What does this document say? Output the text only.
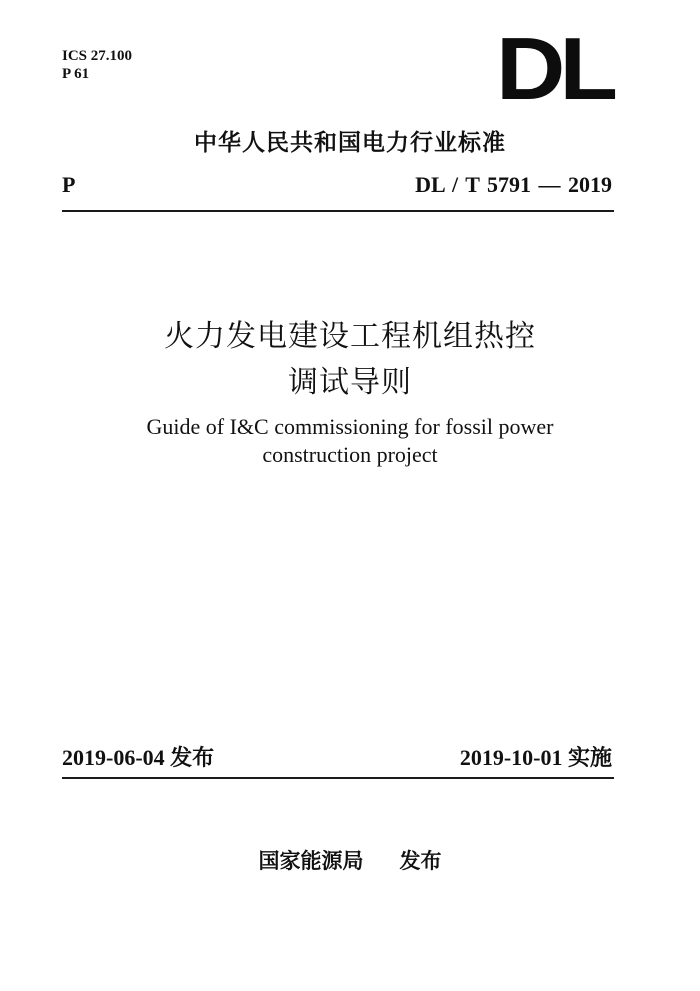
ICS 27.100
P 61	DL
中华人民共和国电力行业标准
P	DL / T 5791 — 2019
火力发电建设工程机组热控
调试导则
Guide of I&C commissioning for fossil power
construction project
2019-06-04 发布	2019-10-01 实施
国家能源局 发布
